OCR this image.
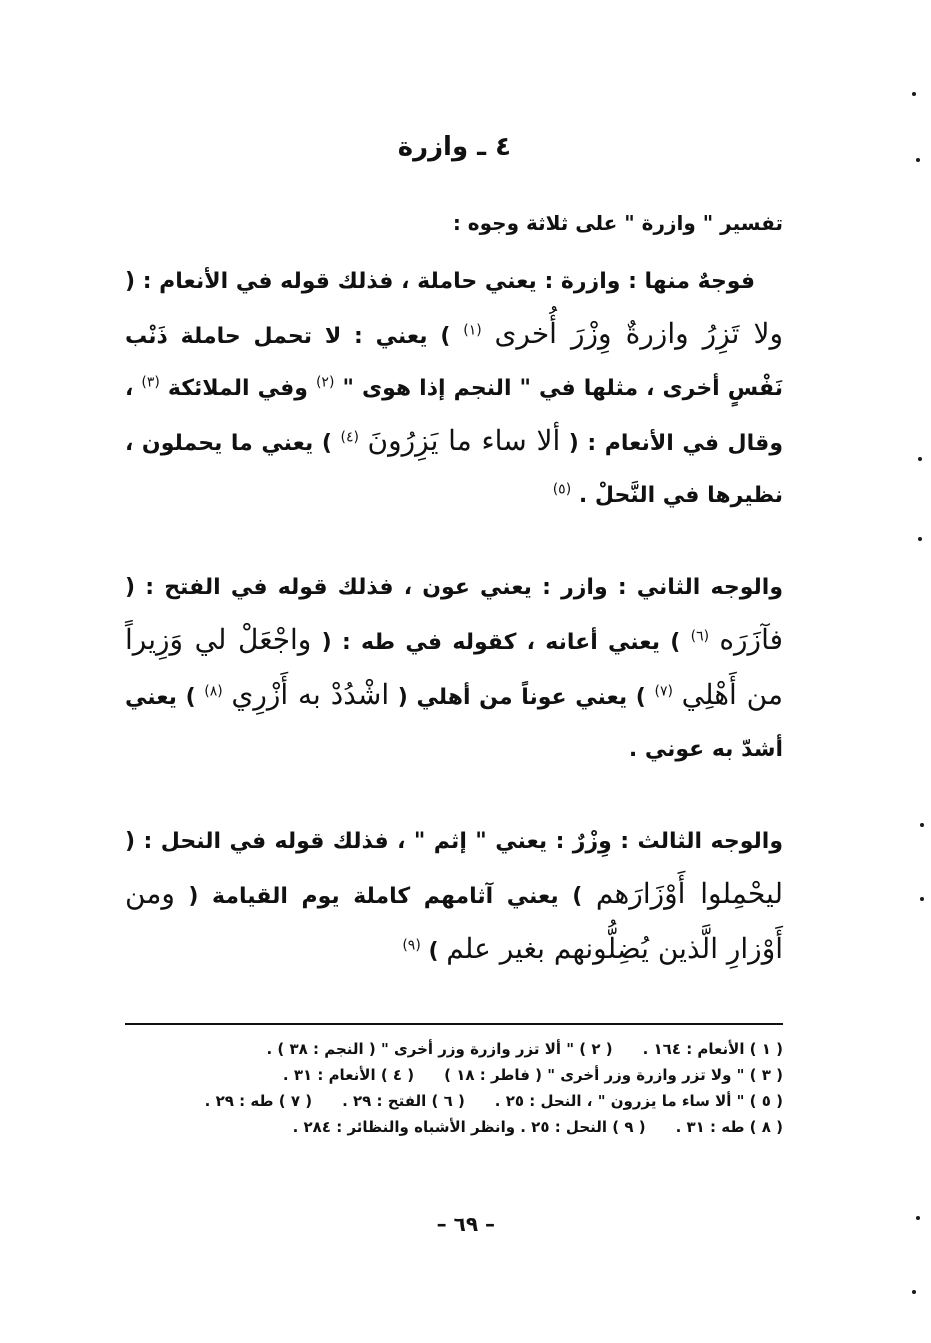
٤ ـ وازرة

تفسير " وازرة " على ثلاثة وجوه :

فوجهٌ منها : وازرة : يعني حاملة ، فذلك قوله في الأنعام : ( ولا تَزِرُ وازرةٌ وِزْرَ أُخرى $^{(١)}$ ) يعني : لا تحمل حاملة ذَنْب نَفْسٍ أخرى ، مثلها في " النجم إذا هوى " $^{(٢)}$ وفي الملائكة $^{(٣)}$ ، وقال في الأنعام : ( ألا ساء ما يَزِرُونَ $^{(٤)}$ ) يعني ما يحملون ، نظيرها في النَّحلْ . $^{(٥)}$

والوجه الثاني : وازر : يعني عون ، فذلك قوله في الفتح : ( فآزَرَه $^{(٦)}$ ) يعني أعانه ، كقوله في طه : ( واجْعَلْ لي وَزِيراً من أَهْلِي $^{(٧)}$ ) يعني عوناً من أهلي ( اشْدُدْ به أَزْرِي $^{(٨)}$ ) يعني أشدّ به عوني .

والوجه الثالث : وِزْرٌ : يعني " إثم " ، فذلك قوله في النحل : ( ليحْمِلوا أَوْزَارَهم ) يعني آثامهم كاملة يوم القيامة ( ومن أَوْزارِ الَّذين يُضِلُّونهم بغير علم ) $^{(٩)}$

( ١ ) الأنعام : ١٦٤ .
( ٢ ) " ألا تزر وازرة وزر أخرى " ( النجم : ٣٨ ) .
( ٣ ) " ولا تزر وازرة وزر أخرى " ( فاطر : ١٨ )
( ٤ ) الأنعام : ٣١ .
( ٥ ) " ألا ساء ما يزرون " ، النحل : ٢٥ .
( ٦ ) الفتح : ٢٩ .
( ٧ ) طه : ٢٩ .
( ٨ ) طه : ٣١ .
( ٩ ) النحل : ٢٥ . وانظر الأشباه والنظائر : ٢٨٤ .
– ٦٩ –
